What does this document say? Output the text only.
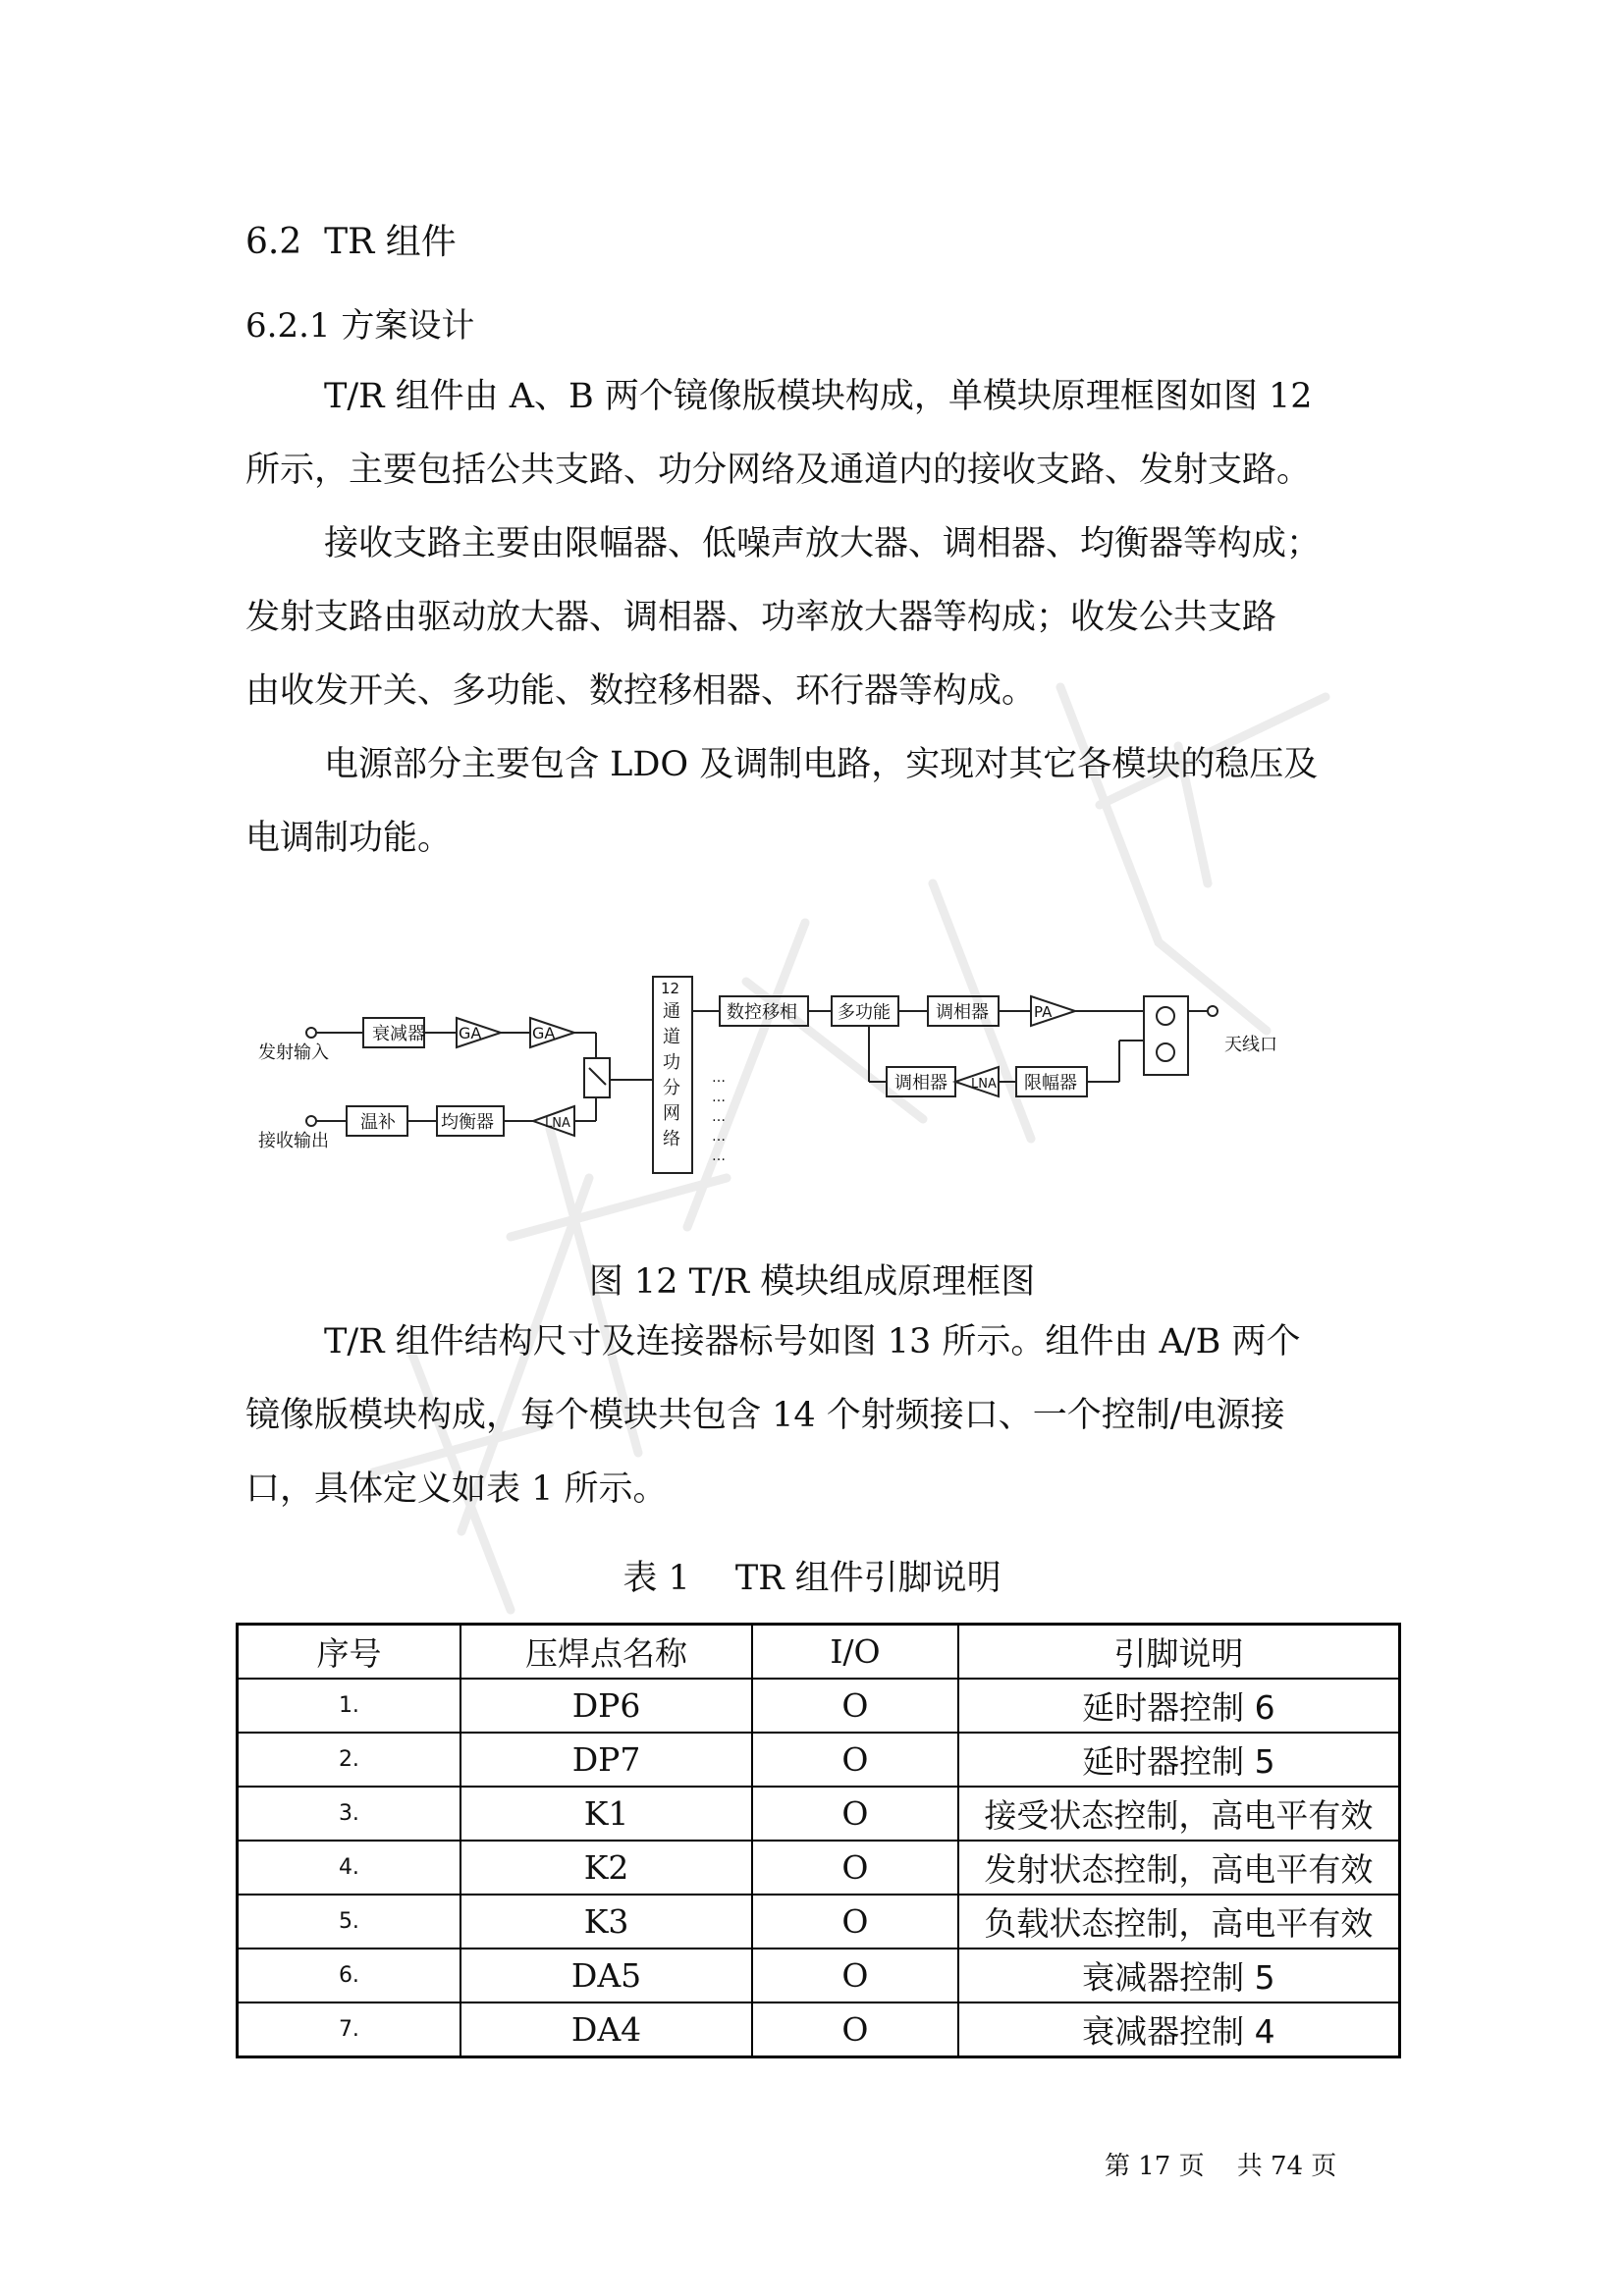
6.2 TR 组件
6.2.1 方案设计
T/R 组件由 A、B 两个镜像版模块构成，单模块原理框图如图 12
所示，主要包括公共支路、功分网络及通道内的接收支路、发射支路。
接收支路主要由限幅器、低噪声放大器、调相器、均衡器等构成；
发射支路由驱动放大器、调相器、功率放大器等构成；收发公共支路
由收发开关、多功能、数控移相器、环行器等构成。
电源部分主要包含 LDO 及调制电路，实现对其它各模块的稳压及
电调制功能。
发射输入
接收输出
衰减器 GA	GA
温补	均衡器	LNA
12
通
道
功
分
网
络
…
…
…
…
…
数控移相 多功能	调相器	PA
调相器 LNA 限幅器
天线口
图 12 T/R 模块组成原理框图
T/R 组件结构尺寸及连接器标号如图 13 所示。组件由 A/B 两个
镜像版模块构成，每个模块共包含 14 个射频接口、一个控制/电源接
口，具体定义如表 1 所示。
表 1　 TR 组件引脚说明
序号	压焊点名称	I/O	引脚说明
1.	DP6	O	延时器控制 6
2.	DP7	O	延时器控制 5
3.	K1	O	接受状态控制，高电平有效
4.	K2	O	发射状态控制，高电平有效
5.	K3	O	负载状态控制，高电平有效
6.	DA5	O	衰减器控制 5
7.	DA4	O	衰减器控制 4
第 17 页 共 74 页
